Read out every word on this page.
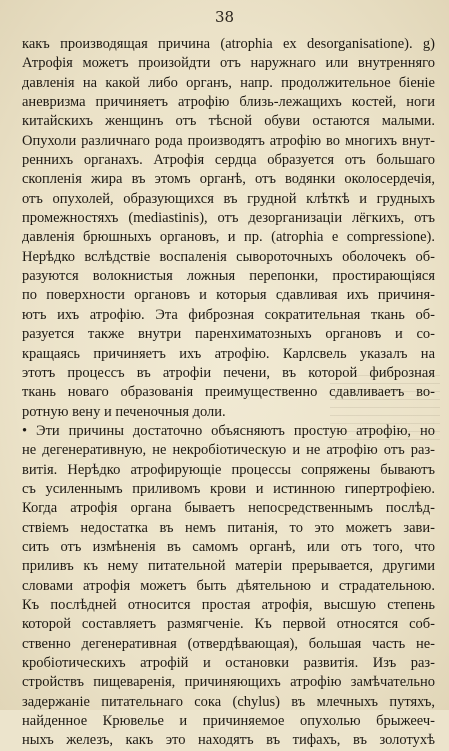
38
какъ производящая причина (atrophia ex desorganisatione). g)
Атрофія можетъ произойдти отъ наружнаго или внутренняго
давленія на какой либо органъ, напр. продолжительное біеніе
аневризма причиняетъ атрофію близь-лежащихъ костей, ноги
китайскихъ женщинъ отъ тѣсной обуви остаются малыми.
Опухоли различнаго рода производятъ атрофію во многихъ внут-
реннихъ органахъ. Атрофія сердца образуется отъ большаго
скопленія жира въ этомъ органѣ, отъ водянки околосердечія,
отъ опухолей, образующихся въ грудной клѣткѣ и грудныхъ
промежностяхъ (mediastinis), отъ дезорганизаціи лёгкихъ, отъ
давленія брюшныхъ органовъ, и пр. (atrophia e compressione).
Нерѣдко вслѣдствіе воспаленія сывороточныхъ оболочекъ об-
разуются волокнистыя ложныя перепонки, простирающіяся
по поверхности органовъ и которыя сдавливая ихъ причиня-
ютъ ихъ атрофію. Эта фиброзная сократительная ткань об-
разуется также внутри паренхиматозныхъ органовъ и со-
кращаясь причиняетъ ихъ атрофію. Карлсвель указалъ на
этотъ процессъ въ атрофіи печени, въ которой фиброзная
ткань новаго образованія преимущественно сдавливаетъ во-
ротную вену и печеночныя доли.
• Эти причины достаточно объясняютъ простую атрофію, но
не дегенеративную, не некробіотическую и не атрофію отъ раз-
витія. Нерѣдко атрофирующіе процессы сопряжены бываютъ
съ усиленнымъ приливомъ крови и истинною гипертрофіею.
Когда атрофія органа бываетъ непосредственнымъ послѣд-
ствіемъ недостатка въ немъ питанія, то это можетъ зави-
сить отъ измѣненія въ самомъ органѣ, или отъ того, что
приливъ къ нему питательной матеріи прерывается, другими
словами атрофія можетъ быть дѣятельною и страдательною.
Къ послѣдней относится простая атрофія, высшую степень
которой составляетъ размягченіе. Къ первой относятся соб-
ственно дегенеративная (отвердѣвающая), большая часть не-
кробіотическихъ атрофій и остановки развитія. Изъ раз-
стройствъ пищеваренія, причиняющихъ атрофію замѣчательно
задержаніе питательнаго сока (chylus) въ млечныхъ путяхъ,
найденное Крювелье и причиняемое опухолью брыжееч-
ныхъ железъ, какъ это находятъ въ тифахъ, въ золотухѣ
